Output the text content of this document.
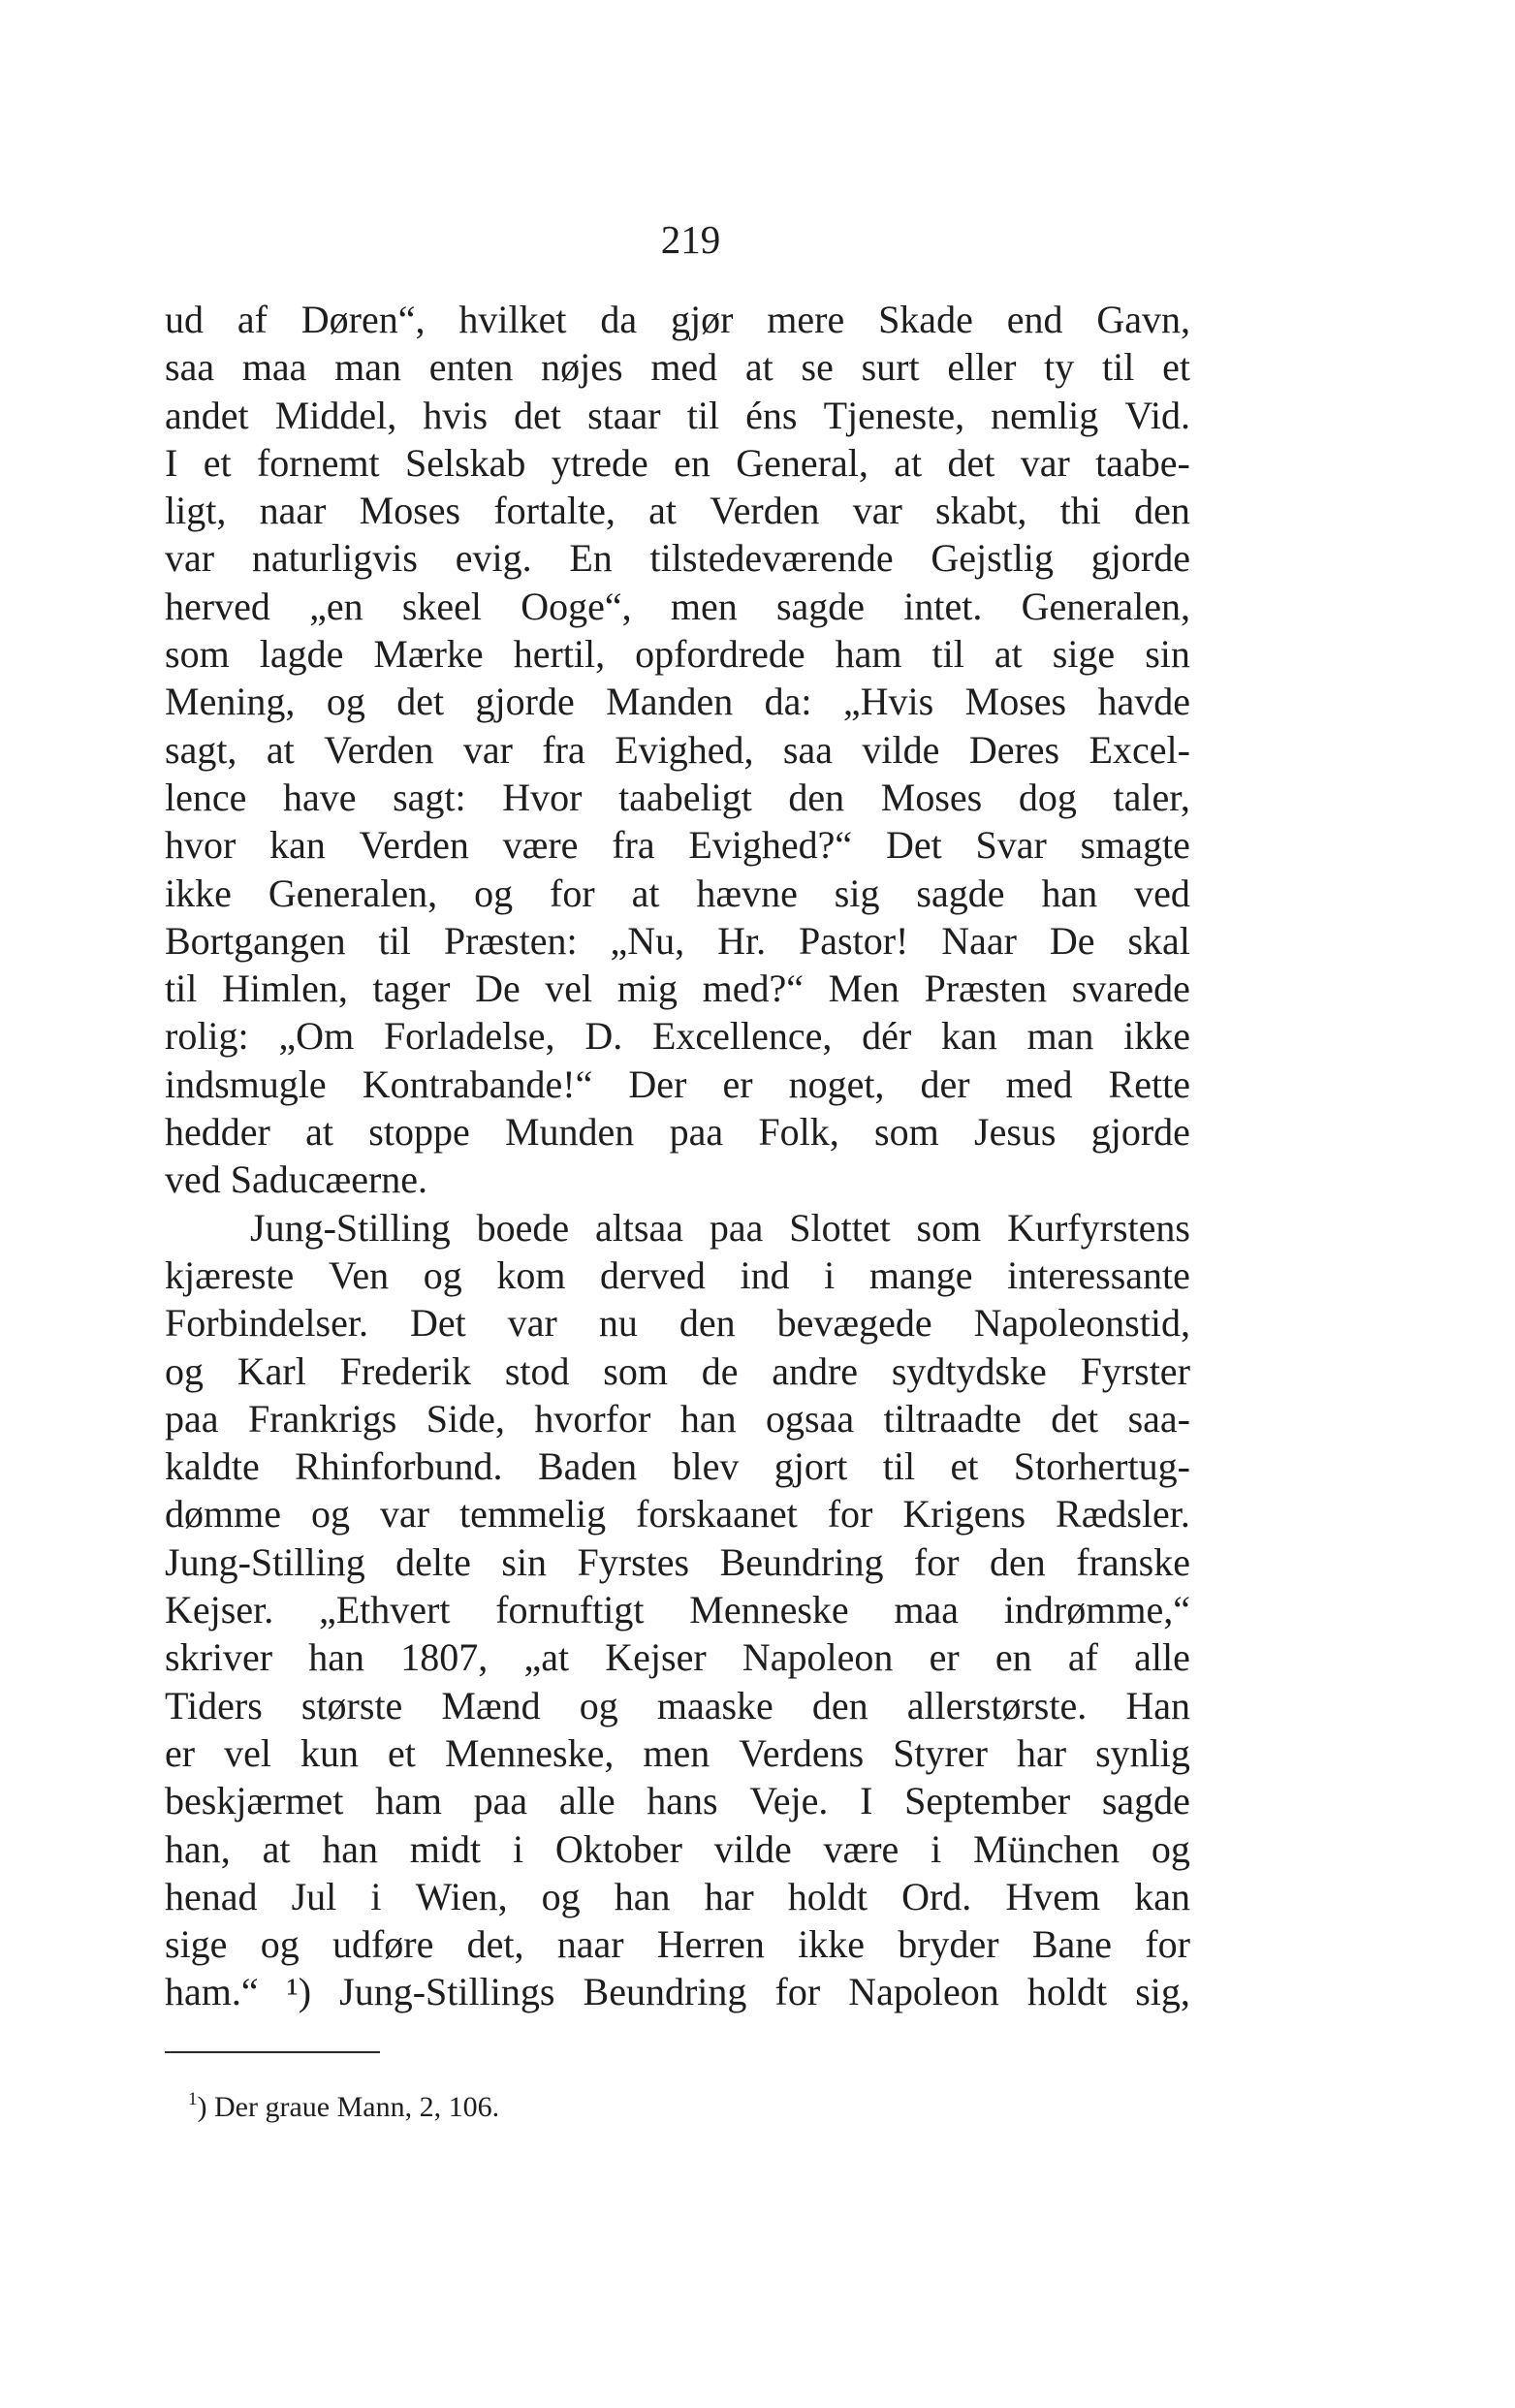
219
ud af Døren“, hvilket da gjør mere Skade end Gavn,
saa maa man enten nøjes med at se surt eller ty til et
andet Middel, hvis det staar til éns Tjeneste, nemlig Vid.
I et fornemt Selskab ytrede en General, at det var taabe-
ligt, naar Moses fortalte, at Verden var skabt, thi den
var naturligvis evig. En tilstedeværende Gejstlig gjorde
herved „en skeel Ooge“, men sagde intet. Generalen,
som lagde Mærke hertil, opfordrede ham til at sige sin
Mening, og det gjorde Manden da: „Hvis Moses havde
sagt, at Verden var fra Evighed, saa vilde Deres Excel-
lence have sagt: Hvor taabeligt den Moses dog taler,
hvor kan Verden være fra Evighed?“ Det Svar smagte
ikke Generalen, og for at hævne sig sagde han ved
Bortgangen til Præsten: „Nu, Hr. Pastor! Naar De skal
til Himlen, tager De vel mig med?“ Men Præsten svarede
rolig: „Om Forladelse, D. Excellence, dér kan man ikke
indsmugle Kontrabande!“ Der er noget, der med Rette
hedder at stoppe Munden paa Folk, som Jesus gjorde
ved Saducæerne.
Jung-Stilling boede altsaa paa Slottet som Kurfyrstens
kjæreste Ven og kom derved ind i mange interessante
Forbindelser. Det var nu den bevægede Napoleonstid,
og Karl Frederik stod som de andre sydtydske Fyrster
paa Frankrigs Side, hvorfor han ogsaa tiltraadte det saa-
kaldte Rhinforbund. Baden blev gjort til et Storhertug-
dømme og var temmelig forskaanet for Krigens Rædsler.
Jung-Stilling delte sin Fyrstes Beundring for den franske
Kejser. „Ethvert fornuftigt Menneske maa indrømme,“
skriver han 1807, „at Kejser Napoleon er en af alle
Tiders største Mænd og maaske den allerstørste. Han
er vel kun et Menneske, men Verdens Styrer har synlig
beskjærmet ham paa alle hans Veje. I September sagde
han, at han midt i Oktober vilde være i München og
henad Jul i Wien, og han har holdt Ord. Hvem kan
sige og udføre det, naar Herren ikke bryder Bane for
ham.“ ¹) Jung-Stillings Beundring for Napoleon holdt sig,
$^1$) Der graue Mann, 2, 106.
